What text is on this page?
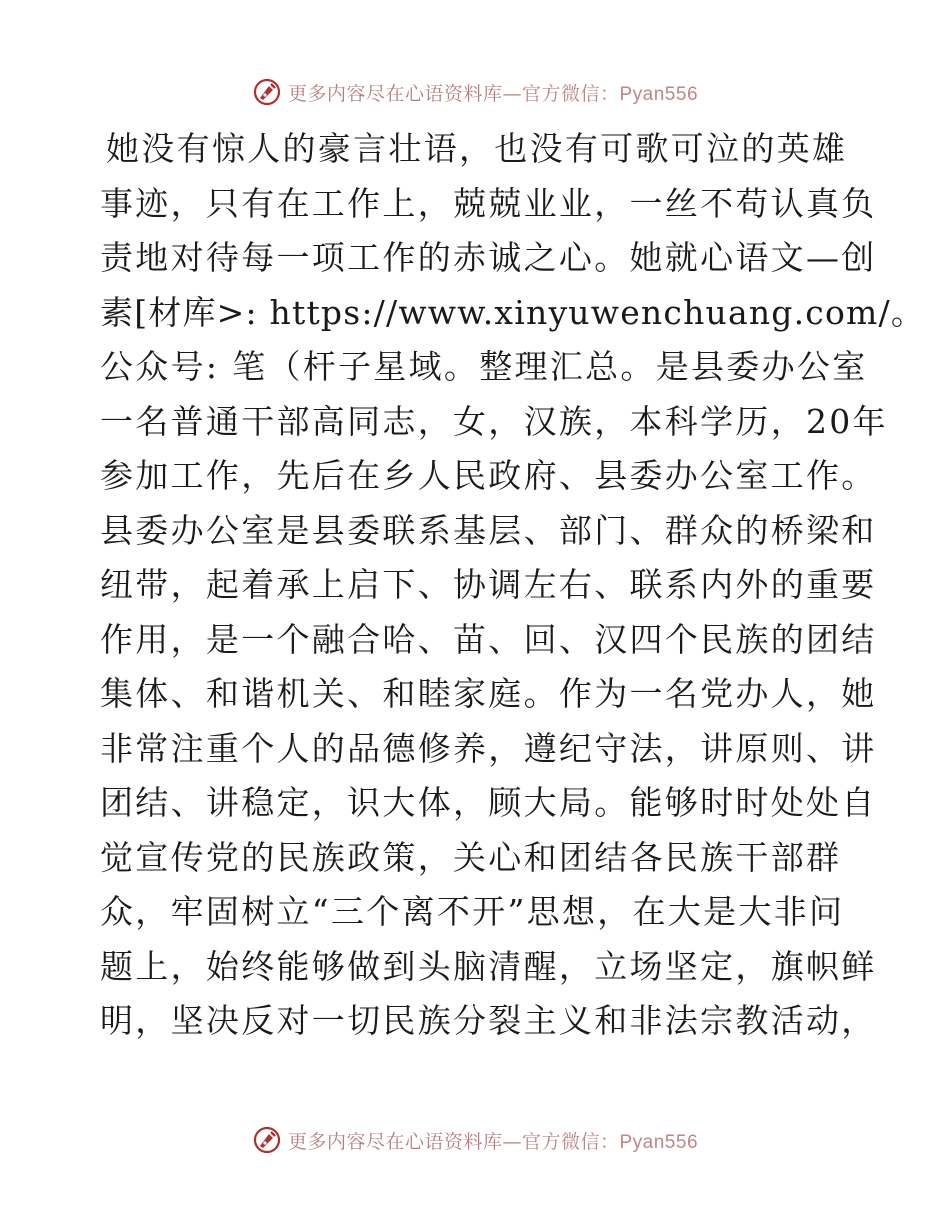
更多内容尽在心语资料库—官方微信：Pyan556
她没有惊人的豪言壮语，也没有可歌可泣的英雄
事迹，只有在工作上，兢兢业业，一丝不苟认真负
责地对待每一项工作的赤诚之心。她就心语文—创
素[材库>: https://www.xinyuwenchuang.com/。
公众号: 笔（杆子星域。整理汇总。是县委办公室
一名普通干部高同志，女，汉族，本科学历，20年
参加工作，先后在乡人民政府、县委办公室工作。
县委办公室是县委联系基层、部门、群众的桥梁和
纽带，起着承上启下、协调左右、联系内外的重要
作用，是一个融合哈、苗、回、汉四个民族的团结
集体、和谐机关、和睦家庭。作为一名党办人，她
非常注重个人的品德修养，遵纪守法，讲原则、讲
团结、讲稳定，识大体，顾大局。能够时时处处自
觉宣传党的民族政策，关心和团结各民族干部群
众，牢固树立“三个离不开”思想，在大是大非问
题上，始终能够做到头脑清醒，立场坚定，旗帜鲜
明，坚决反对一切民族分裂主义和非法宗教活动，
更多内容尽在心语资料库—官方微信：Pyan556
